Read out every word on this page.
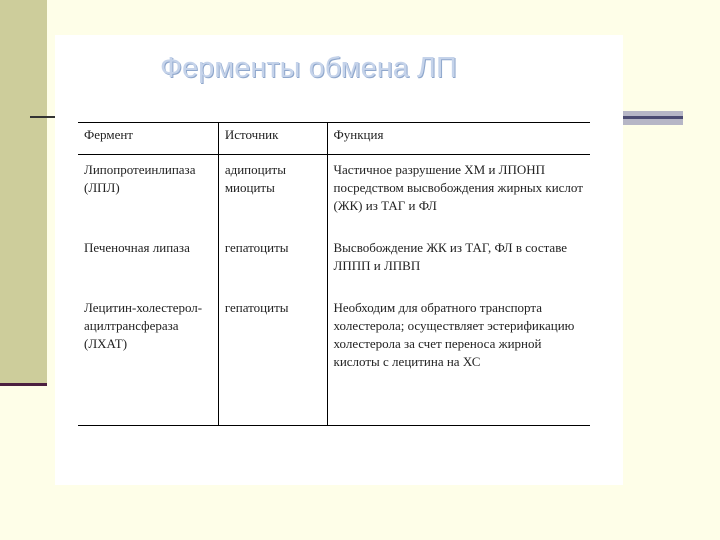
Ферменты обмена ЛП
Фермент	Источник	Функция
Липопротеинлипаза (ЛПЛ)	адипоциты миоциты	Частичное разрушение ХМ и ЛПОНП посредством высвобождения жирных кислот (ЖК) из ТАГ и ФЛ
Печеночная липаза	гепатоциты	Высвобождение ЖК из ТАГ, ФЛ в составе ЛППП и ЛПВП
Лецитин-холестерол-ацилтрансфераза (ЛХАТ)	гепатоциты	Необходим для обратного транспорта холестерола; осуществляет эстерификацию холестерола за счет переноса жирной кислоты с лецитина на ХС
